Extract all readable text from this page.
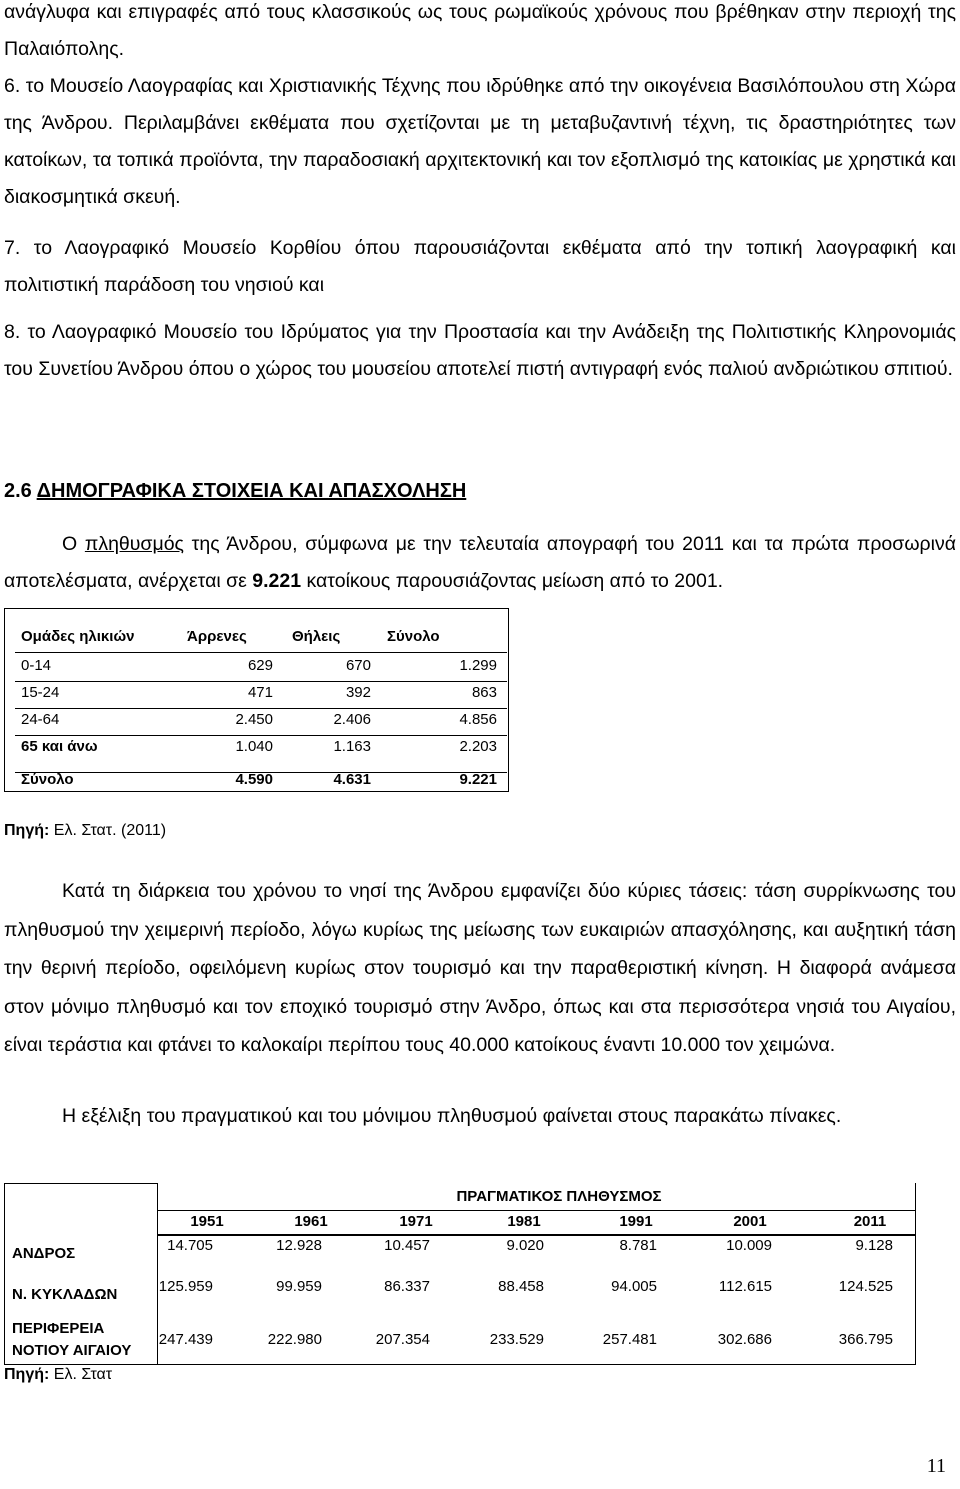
ανάγλυφα και επιγραφές από τους κλασσικούς ως τους ρωμαϊκούς χρόνους που βρέθηκαν στην περιοχή της Παλαιόπολης.

6. το Μουσείο Λαογραφίας και Χριστιανικής Τέχνης που ιδρύθηκε από την οικογένεια Βασιλόπουλου στη Χώρα της Άνδρου. Περιλαμβάνει εκθέματα που σχετίζονται με τη μεταβυζαντινή τέχνη, τις δραστηριότητες των κατοίκων, τα τοπικά προϊόντα, την παραδοσιακή αρχιτεκτονική και τον εξοπλισμό της κατοικίας με χρηστικά και διακοσμητικά σκευή.

7. το Λαογραφικό Μουσείο Κορθίου όπου παρουσιάζονται εκθέματα από την τοπική λαογραφική και πολιτιστική παράδοση του νησιού και

8. το Λαογραφικό Μουσείο του Ιδρύματος για την Προστασία και την Ανάδειξη της Πολιτιστικής Κληρονομιάς του Συνετίου Άνδρου όπου ο χώρος του μουσείου αποτελεί πιστή αντιγραφή ενός παλιού ανδριώτικου σπιτιού.

2.6 ΔΗΜΟΓΡΑΦΙΚΑ ΣΤΟΙΧΕΙΑ ΚΑΙ ΑΠΑΣΧΟΛΗΣΗ

Ο πληθυσμός της Άνδρου, σύμφωνα με την τελευταία απογραφή του 2011 και τα πρώτα προσωρινά αποτελέσματα, ανέρχεται σε 9.221 κατοίκους παρουσιάζοντας μείωση από το 2001.

Ομάδες ηλικιών	Άρρενες	Θήλεις	Σύνολο
0-14	629	670	1.299
15-24	471	392	863
24-64	2.450	2.406	4.856
65 και άνω	1.040	1.163	2.203
Σύνολο	4.590	4.631	9.221

Πηγή: Ελ. Στατ. (2011)

Κατά τη διάρκεια του χρόνου το νησί της Άνδρου εμφανίζει δύο κύριες τάσεις: τάση συρρίκνωσης του πληθυσμού την χειμερινή περίοδο, λόγω κυρίως της μείωσης των ευκαιριών απασχόλησης, και αυξητική τάση την θερινή περίοδο, οφειλόμενη κυρίως στον τουρισμό και την παραθεριστική κίνηση. Η διαφορά ανάμεσα στον μόνιμο πληθυσμό και τον εποχικό τουρισμό στην Άνδρο, όπως και στα περισσότερα νησιά του Αιγαίου, είναι τεράστια και φτάνει το καλοκαίρι περίπου τους 40.000 κατοίκους έναντι 10.000 τον χειμώνα.

Η εξέλιξη του πραγματικού και του μόνιμου πληθυσμού φαίνεται στους παρακάτω πίνακες.

ΠΡΑΓΜΑΤΙΚΟΣ ΠΛΗΘΥΣΜΟΣ
1951	1961	1971	1981	1991	2001	2011
ΑΝΔΡΟΣ	14.705	12.928	10.457	9.020	8.781	10.009	9.128
Ν. ΚΥΚΛΑΔΩΝ	125.959	99.959	86.337	88.458	94.005	112.615	124.525
ΠΕΡΙΦΕΡΕΙΑ
ΝΟΤΙΟΥ ΑΙΓΑΙΟΥ
247.439	222.980	207.354	233.529	257.481	302.686	366.795

Πηγή: Ελ. Στατ

11
